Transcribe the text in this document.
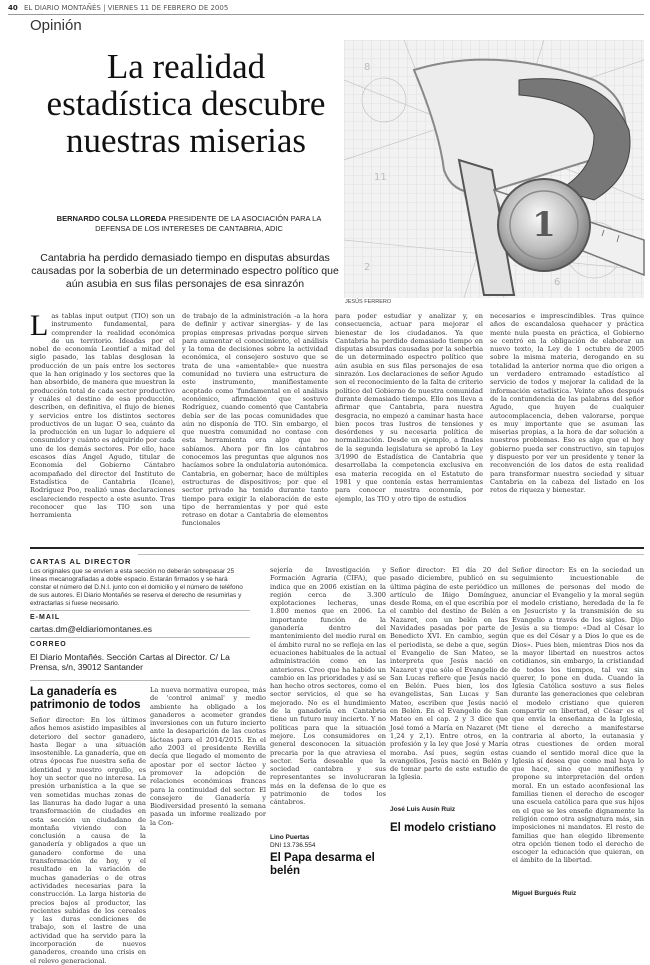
40 EL DIARIO MONTAÑÉS | VIERNES 11 DE FEBRERO DE 2005
Opinión
La realidad estadística descubre nuestras miserias
BERNARDO COLSA LLOREDA PRESIDENTE DE LA ASOCIACIÓN PARA LA DEFENSA DE LOS INTERESES DE CANTABRIA, ADIC
Cantabria ha perdido demasiado tiempo en disputas absurdas causadas por la soberbia de un determinado espectro político que aún asubia en sus filas personajes de esa sinrazón
8
11
6
2
1
JESÚS FERRERO
L as tablas input output (TIO) son un instrumento fundamental, para comprender la realidad económica de un territorio. Ideadas por el nobel de economía Leontief a mitad del siglo pasado, las tablas desglosan la producción de un país entre los sectores que la han originado y los sectores que la han absorbido, de manera que muestran la producción total de cada sector productivo y cuáles el destino de esa producción, describen, en definitiva, el flujo de bienes y servicios entre los distintos sectores productivos de un lugar. O sea, cuánto da la producción en un lugar lo adquiere el consumidor y cuánto es adquirido por cada uno de los demás sectores. Por ello, hace escasos días Ángel Agudo, titular de Economía del Gobierno Cántabro acompañado del director del Instituto de Estadística de Cantabria (Icane), Rodríguez Poo, realizó unas declaraciones esclareciendo respecto a este asunto. Tras reconocer que las TIO son una herramienta
de trabajo de la administración -a la hora de definir y activar sinergias- y de las propias empresas privadas porque sirven para aumentar el conocimiento, el análisis y la toma de decisiones sobre la actividad económica, el consejero sostuvo que se trata de una «amentable» que nuestra comunidad no tuviera una estructura de este instrumento, manifiestamente aceptado como 'fundamental en el análisis económico, afirmación que sostuvo Rodríguez, cuando comentó que Cantabria debía ser de las pocas comunidades que aún no disponía de TIO. Sin embargo, el que nuestra comunidad no contase con esta herramienta era algo que no sabíamos. Ahora por fin los cántabros conocemos las preguntas que algunos nos hacíamos sobre la ondulatoria autonómica. Cantabria, en gobernar, hace de múltiples estructuras de dispositivos; por que el sector privado ha tenido durante tanto tiempo para exigir la elaboración de este tipo de herramientas y por qué este retraso en dotar a Cantabria de elementos funcionales
para poder estudiar y analizar y, en consecuencia, actuar para mejorar el bienestar de los ciudadanos. Ya que Cantabria ha perdido demasiado tiempo en disputas absurdas causadas por la soberbia de un determinado espectro político que aún asubia en sus filas personajes de esa sinrazón. Los declaraciones de señor Agudo son el reconocimiento de la falta de criterio político del Gobierno de nuestra comunidad durante demasiado tiempo. Ello nos lleva a afirmar que Cantabria, para nuestra desgracia, no empezó a caminar hasta hace bien pocos tras lustros de tensiones y desórdenes y su necesaria política de normalización. Desde un ejemplo, a finales de la segunda legislatura se aprobó la Ley 3/1990 de Estadística de Cantabria que desarrollaba la competencia exclusiva en esa materia recogida en el Estatuto de 1981 y que contenía estas herramientas para conocer nuestra economía, por ejemplo, las TIO y otro tipo de estudios
necesarios e imprescindibles. Tras quince años de escandalosa quehacer y práctica mente nula puesta en práctica, el Gobierno se centró en la obligación de elaborar un nuevo texto, la Ley de 1 octubre de 2005 sobre la misma materia, derogando en su totalidad la anterior norma que dio origen a un verdadero entramado estadístico al servicio de todos y mejorar la calidad de la información estadística. Veinte años después de la contundencia de las palabras del señor Agudo, que huyen de cualquier autocomplacencia, deben valorarse, porque es muy importante que se asuman las miserias propias, a la hora de dar solución a nuestros problemas. Eso es algo que el hoy gobierno pueda ser constructivo, sin tapujos y dispuesto por ver un presidente y tener la reconvención de los datos de esta realidad para transformar nuestra sociedad y situar Cantabria en la cabeza del listado en los retos de riqueza y bienestar.
CARTAS AL DIRECTOR
Los originales que se envíen a esta sección no deberán sobrepasar 25 líneas mecanografiadas a doble espacio. Estarán firmados y se hará constar el número del D.N.I. junto con el domicilio y el número de teléfono de sus autores. El Diario Montañés se reserva el derecho de resumirlas y extractarlas si fuese necesario.
E-MAIL
cartas.dm@eldiariomontanes.es
CORREO
El Diario Montañés. Sección Cartas al Director. C/ La Prensa, s/n, 39012 Santander
La ganadería es patrimonio de todos
Señor director: En los últimos años hemos asistido impasibles al deterioro del sector ganadero, hasta llegar a una situación insostenible. La ganadería, que en otras épocas fue nuestra seña de identidad y nuestro orgullo, es hoy un sector que no interesa. La presión urbanística a la que se ven sometidas muchas zonas de las llanuras ha dado lugar a una transformación de ciudades en esta sección un ciudadano de montaña viviendo con la conclusión a causa de la ganadería y obligados a que un ganadero conforme de una transformación de hoy, y el resultado en la variación de muchas ganaderías o de otras actividades necesarias para la construcción. La larga historia de precios bajos al productor, las recientes subidas de los cereales y las duras condiciones de trabajo, son el lastre de una actividad que ha servido para la incorporación de nuevos ganaderos, creando una crisis en el relevo generacional.
La nueva normativa europea, más de 'control animal' y medio ambiente ha obligado a los ganaderos a acometer grandes inversiones con un futuro incierto ante la desaparición de las cuotas lácteas para el 2014/2015. En el año 2003 el presidente Revilla decía que llegado el momento de apostar por el sector lácteo y promover la adopción de relaciones económicas francas para la continuidad del sector. El consejero de Ganadería y Biodiversidad presentó la semana pasada un informe realizado por la Con-
sejería de Investigación y Formación Agraria (CIFA), que indica que en 2006 existían en la región cerca de 3.300 explotaciones lecheras, unas 1.800 menos que en 2006. La importante función de la ganadería dentro del mantenimiento del medio rural en el ámbito rural no se refleja en las ecuaciones habituales de la actual administración como en las anteriores. Creo que ha habido un cambio en las prioridades y así se han hecho otros sectores, como el sector servicios, el que se ha mejorado. No es el hundimiento de la ganadería en Cantabria tiene un futuro muy incierto. Y no políticas para que la situación mejore. Los consumidores en general desconocen la situación precaria por la que atraviesa el sector. Seria deseable que la sociedad cantabra y sus representantes se involucraran más en la defensa de lo que es patrimonio de todos los cántabros.
Lino Puertas
DNI 13.736.554
El Papa desarma el belén
Señor director: El día 20 del pasado diciembre, publicó en su última página de este periódico un artículo de Iñigo Domínguez, desde Roma, en el que escribía por el cambio del destino de Belén a Nazaret, con un belén en las Navidades pasadas por parte de Benedicto XVI. En cambio, según el periodista, se debe a que, según el Evangelio de San Mateo, se interpreta que Jesús nació en Nazaret y que sólo el Evangelio de San Lucas refiere que Jesús nació en Belén. Pues bien, los dos evangelistas, San Lucas y San Mateo, escriben que Jesús nació en Belén. En el Evangelio de San Mateo en el cap. 2 y 3 dice que José tomó a María en Nazaret (Mt 1,24 y 2,1). Entre otros, en la profesión y la ley que José y María moraba. Así pues, según estas evangelios, Jesús nació en Belén y de tomar parte de este estudio de la Iglesia.
José Luis Ausín Ruiz
El modelo cristiano
Señor director: Es en la sociedad un seguimiento incuestionable de millones de personas del modo de anunciar el Evangelio y la moral según el modelo cristiano, heredada de la fe en Jesucristo y la transmisión de su Evangelio a través de los siglos. Dijo Jesús a su tiempo: «Dad al César lo que es del César y a Dios lo que es de Dios». Pues bien, mientras Dios nos da la mayor libertad en nuestros actos cotidianos, sin embargo, la cristiandad de todos los tiempos, tal vez sin querer, lo pone en duda. Cuando la Iglesia Católica sostuvo a sus fieles durante las generaciones que celebran el modelo cristiano que quieren compartir en libertad, el César es el que envía la enseñanza de la Iglesia, tiene el derecho a manifestarse contraria al aborto, la eutanasia y otras cuestiones de orden moral cuando el sentido moral dice que la Iglesia sí desea que como mal haya lo que hace, sino que manifiesta y propone su interpretación del orden moral. En un estado aconfesional las familias tienen el derecho de escoger una escuela católica para que sus hijos en el que se les enseñe dignamente la religión como otra asignatura más, sin imposiciones ni mandatos. El resto de familias que han elegido libremente otra opción tienen todo el derecho de escoger la educación que quieran, en el ámbito de la libertad.
Miguel Burgués Ruiz
